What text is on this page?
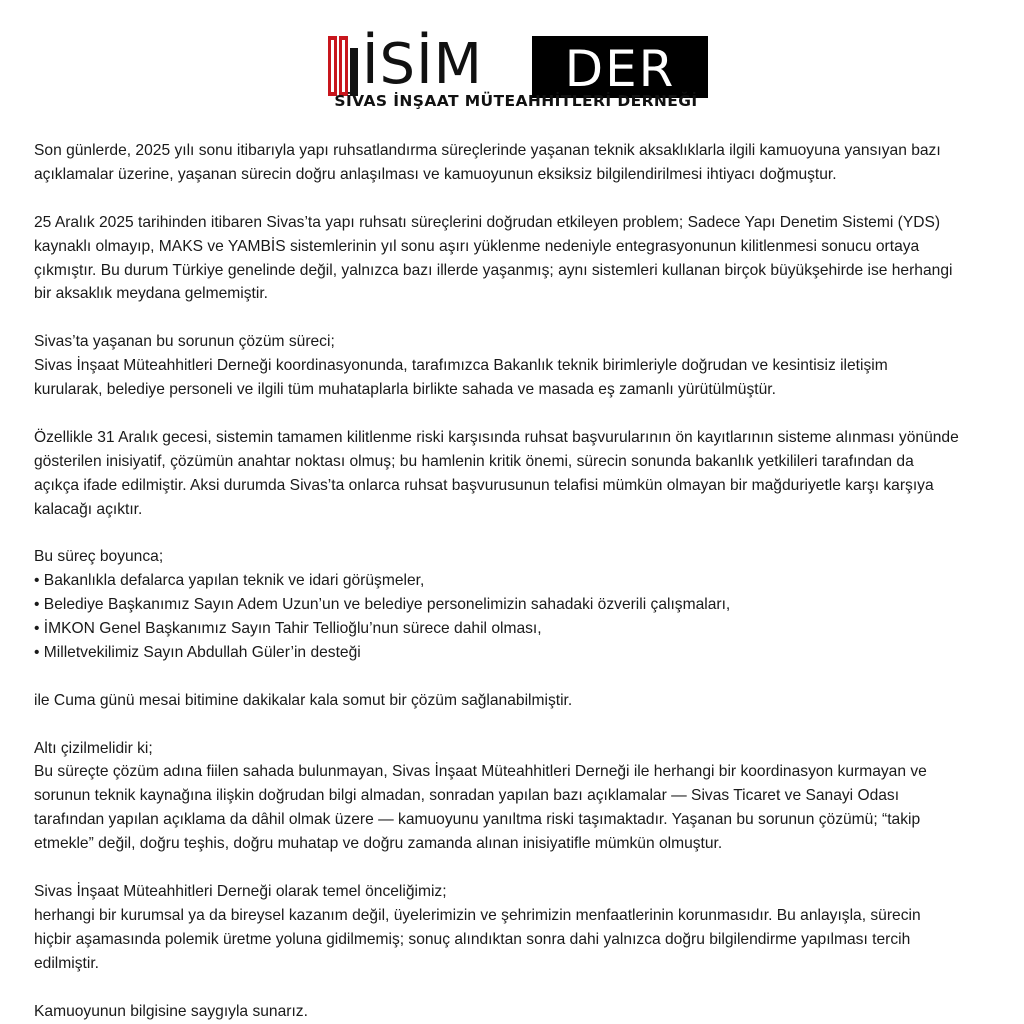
İSİM	DER
SİVAS İNŞAAT MÜTEAHHİTLERİ DERNEĞİ

Son günlerde, 2025 yılı sonu itibarıyla yapı ruhsatlandırma süreçlerinde yaşanan teknik aksaklıklarla ilgili kamuoyuna yansıyan bazı
açıklamalar üzerine, yaşanan sürecin doğru anlaşılması ve kamuoyunun eksiksiz bilgilendirilmesi ihtiyacı doğmuştur.

25 Aralık 2025 tarihinden itibaren Sivas’ta yapı ruhsatı süreçlerini doğrudan etkileyen problem; Sadece Yapı Denetim Sistemi (YDS)
kaynaklı olmayıp, MAKS ve YAMBİS sistemlerinin yıl sonu aşırı yüklenme nedeniyle entegrasyonunun kilitlenmesi sonucu ortaya
çıkmıştır. Bu durum Türkiye genelinde değil, yalnızca bazı illerde yaşanmış; aynı sistemleri kullanan birçok büyükşehirde ise herhangi
bir aksaklık meydana gelmemiştir.

Sivas’ta yaşanan bu sorunun çözüm süreci;
Sivas İnşaat Müteahhitleri Derneği koordinasyonunda, tarafımızca Bakanlık teknik birimleriyle doğrudan ve kesintisiz iletişim
kurularak, belediye personeli ve ilgili tüm muhataplarla birlikte sahada ve masada eş zamanlı yürütülmüştür.

Özellikle 31 Aralık gecesi, sistemin tamamen kilitlenme riski karşısında ruhsat başvurularının ön kayıtlarının sisteme alınması yönünde
gösterilen inisiyatif, çözümün anahtar noktası olmuş; bu hamlenin kritik önemi, sürecin sonunda bakanlık yetkilileri tarafından da
açıkça ifade edilmiştir. Aksi durumda Sivas’ta onlarca ruhsat başvurusunun telafisi mümkün olmayan bir mağduriyetle karşı karşıya
kalacağı açıktır.

Bu süreç boyunca;
• Bakanlıkla defalarca yapılan teknik ve idari görüşmeler,
• Belediye Başkanımız Sayın Adem Uzun’un ve belediye personelimizin sahadaki özverili çalışmaları,
• İMKON Genel Başkanımız Sayın Tahir Tellioğlu’nun sürece dahil olması,
• Milletvekilimiz Sayın Abdullah Güler’in desteği

ile Cuma günü mesai bitimine dakikalar kala somut bir çözüm sağlanabilmiştir.

Altı çizilmelidir ki;
Bu süreçte çözüm adına fiilen sahada bulunmayan, Sivas İnşaat Müteahhitleri Derneği ile herhangi bir koordinasyon kurmayan ve
sorunun teknik kaynağına ilişkin doğrudan bilgi almadan, sonradan yapılan bazı açıklamalar — Sivas Ticaret ve Sanayi Odası
tarafından yapılan açıklama da dâhil olmak üzere — kamuoyunu yanıltma riski taşımaktadır. Yaşanan bu sorunun çözümü; “takip
etmekle” değil, doğru teşhis, doğru muhatap ve doğru zamanda alınan inisiyatifle mümkün olmuştur.

Sivas İnşaat Müteahhitleri Derneği olarak temel önceliğimiz;
herhangi bir kurumsal ya da bireysel kazanım değil, üyelerimizin ve şehrimizin menfaatlerinin korunmasıdır. Bu anlayışla, sürecin
hiçbir aşamasında polemik üretme yoluna gidilmemiş; sonuç alındıktan sonra dahi yalnızca doğru bilgilendirme yapılması tercih
edilmiştir.

Kamuoyunun bilgisine saygıyla sunarız.
